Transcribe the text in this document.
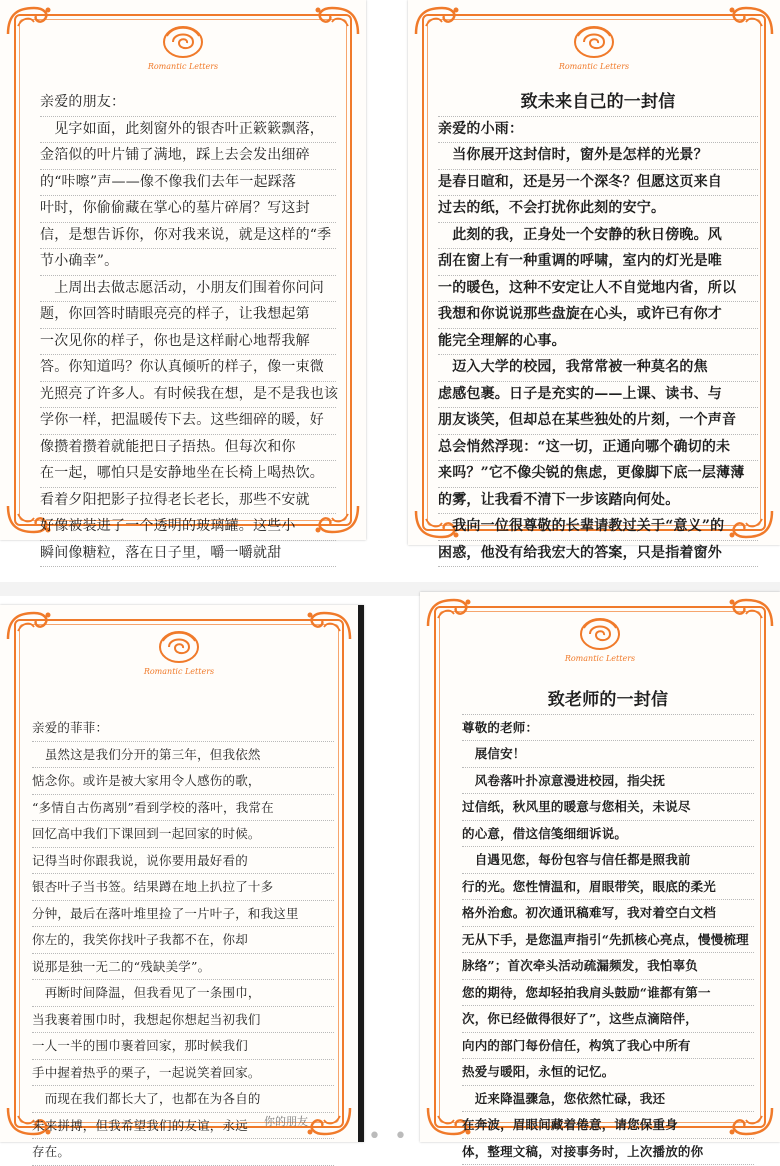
• •
Romantic Letters
亲爱的朋友：
　见字如面，此刻窗外的银杏叶正簌簌飘落，
金箔似的叶片铺了满地，踩上去会发出细碎
的“咔嚓”声——像不像我们去年一起踩落
叶时，你偷偷藏在掌心的墓片碎屑？写这封
信，是想告诉你，你对我来说，就是这样的“季
节小确幸”。
　上周出去做志愿活动，小朋友们围着你问问
题，你回答时睛眼亮亮的样子，让我想起第
一次见你的样子，你也是这样耐心地帮我解
答。你知道吗？你认真倾听的样子，像一束微
光照亮了许多人。有时候我在想，是不是我也该
学你一样，把温暖传下去。这些细碎的暖，好
像攒着攒着就能把日子捂热。但每次和你
在一起，哪怕只是安静地坐在长椅上喝热饮。
看着夕阳把影子拉得老长老长，那些不安就
好像被装进了一个透明的玻璃罐。这些小
瞬间像糖粒，落在日子里，嚼一嚼就甜
Romantic Letters
致未来自己的一封信
亲爱的小雨：
　当你展开这封信时，窗外是怎样的光景？
是春日暄和，还是另一个深冬？但愿这页来自
过去的纸，不会打扰你此刻的安宁。
　此刻的我，正身处一个安静的秋日傍晚。风
刮在窗上有一种重调的呼啸，室内的灯光是唯
一的暖色，这种不安定让人不自觉地内省，所以
我想和你说说那些盘旋在心头，或许已有你才
能完全理解的心事。
　迈入大学的校园，我常常被一种莫名的焦
虑感包裹。日子是充实的——上课、读书、与
朋友谈笑，但却总在某些独处的片刻，一个声音
总会悄然浮现：“这一切，正通向哪个确切的未
来吗？”它不像尖锐的焦虑，更像脚下底一层薄薄
的雾，让我看不清下一步该踏向何处。
　我向一位很尊敬的长辈请教过关于“意义”的
困惑，他没有给我宏大的答案，只是指着窗外
Romantic Letters
亲爱的菲菲：
　虽然这是我们分开的第三年，但我依然
惦念你。或许是被大家用令人感伤的歌，
“多情自古伤离别”看到学校的落叶，我常在
回忆高中我们下课回到一起回家的时候。
记得当时你跟我说，说你要用最好看的
银杏叶子当书签。结果蹲在地上扒拉了十多
分钟，最后在落叶堆里捡了一片叶子，和我这里
你左的，我笑你找叶子我都不在，你却
说那是独一无二的“残缺美学”。
　再断时间降温，但我看见了一条围巾，
当我裹着围巾时，我想起你想起当初我们
一人一半的围巾裹着回家，那时候我们
手中握着热乎的栗子，一起说笑着回家。
　而现在我们都长大了，也都在为各自的
未来拼搏，但我希望我们的友谊，永远
存在。
你的朋友
Romantic Letters
致老师的一封信
尊敬的老师：
　展信安！
　风卷落叶扑凉意漫进校园，指尖抚
过信纸，秋风里的暖意与您相关，未说尽
的心意，借这信笺细细诉说。
　自遇见您，每份包容与信任都是照我前
行的光。您性情温和，眉眼带笑，眼底的柔光
格外治愈。初次通讯稿难写，我对着空白文档
无从下手，是您温声指引“先抓核心亮点，慢慢梳理
脉络”；首次牵头活动疏漏频发，我怕辜负
您的期待，您却轻拍我肩头鼓励“谁都有第一
次，你已经做得很好了”，这些点滴陪伴，
向内的部门每份信任，构筑了我心中所有
热爱与暖阳，永恒的记忆。
　近来降温骤急，您依然忙碌，我还
在奔波，眉眼间藏着倦意，请您保重身
体，整理文稿，对接事务时，上次播放的你
